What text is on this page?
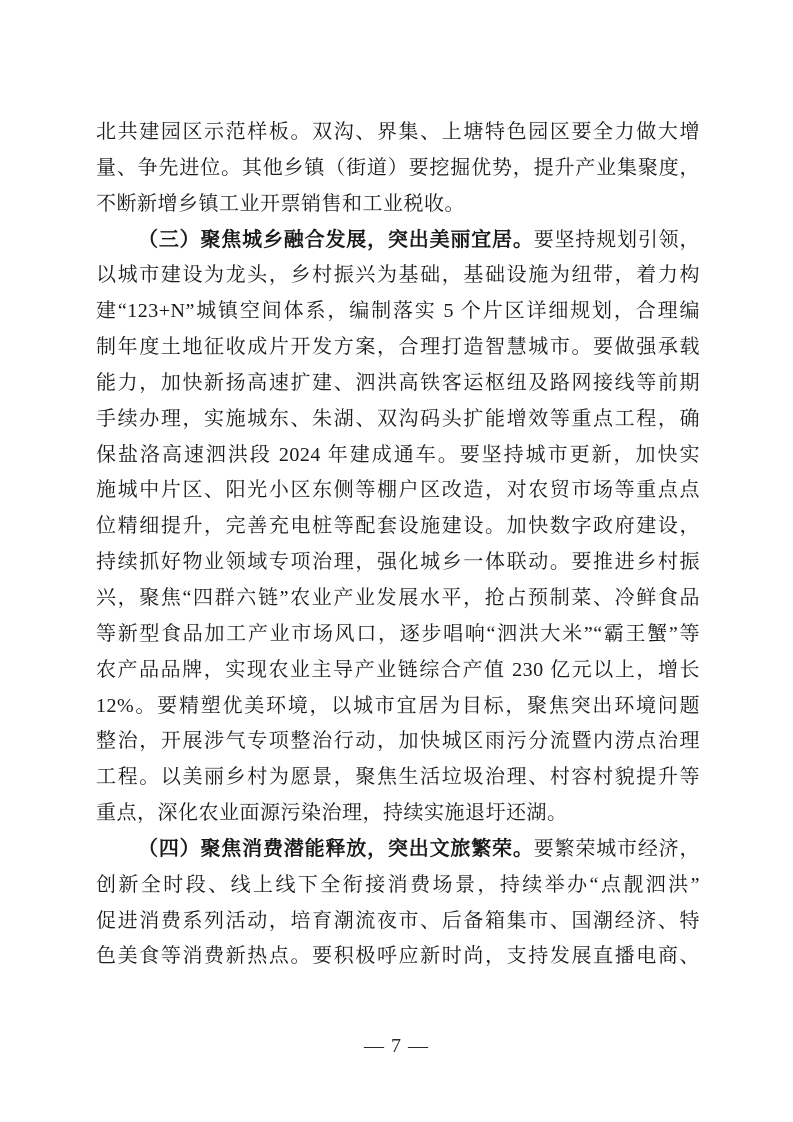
北共建园区示范样板。双沟、界集、上塘特色园区要全力做大增
量、争先进位。其他乡镇（街道）要挖掘优势，提升产业集聚度，
不断新增乡镇工业开票销售和工业税收。
（三）聚焦城乡融合发展，突出美丽宜居。要坚持规划引领，
以城市建设为龙头，乡村振兴为基础，基础设施为纽带，着力构
建“123+N”城镇空间体系，编制落实 5 个片区详细规划，合理编
制年度土地征收成片开发方案，合理打造智慧城市。要做强承载
能力，加快新扬高速扩建、泗洪高铁客运枢纽及路网接线等前期
手续办理，实施城东、朱湖、双沟码头扩能增效等重点工程，确
保盐洛高速泗洪段 2024 年建成通车。要坚持城市更新，加快实
施城中片区、阳光小区东侧等棚户区改造，对农贸市场等重点点
位精细提升，完善充电桩等配套设施建设。加快数字政府建设，
持续抓好物业领域专项治理，强化城乡一体联动。要推进乡村振
兴，聚焦“四群六链”农业产业发展水平，抢占预制菜、冷鲜食品
等新型食品加工产业市场风口，逐步唱响“泗洪大米”“霸王蟹”等
农产品品牌，实现农业主导产业链综合产值 230 亿元以上，增长
12%。要精塑优美环境，以城市宜居为目标，聚焦突出环境问题
整治，开展涉气专项整治行动，加快城区雨污分流暨内涝点治理
工程。以美丽乡村为愿景，聚焦生活垃圾治理、村容村貌提升等
重点，深化农业面源污染治理，持续实施退圩还湖。
（四）聚焦消费潜能释放，突出文旅繁荣。要繁荣城市经济，
创新全时段、线上线下全衔接消费场景，持续举办“点靓泗洪”
促进消费系列活动，培育潮流夜市、后备箱集市、国潮经济、特
色美食等消费新热点。要积极呼应新时尚，支持发展直播电商、
— 7 —
